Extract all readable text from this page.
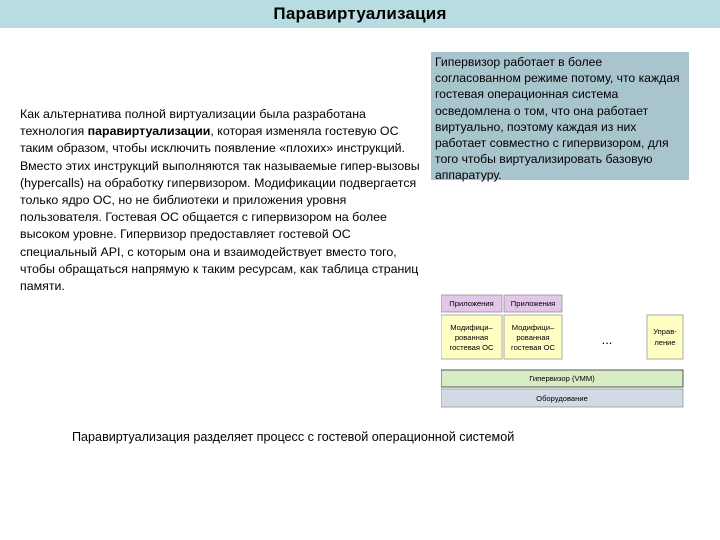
Паравиртуализация
Как альтернатива полной виртуализации была разработана технология паравиртуализации, которая изменяла гостевую ОС таким образом, чтобы исключить появление «плохих» инструкций. Вместо этих инструкций выполняются так называемые гипер-вызовы (hypercalls) на обработку гипервизором. Модификации подвергается только ядро ОС, но не библиотеки и приложения уровня пользователя. Гостевая ОС общается с гипервизором на более высоком уровне. Гипервизор предоставляет гостевой ОС специальный API, с которым она и взаимодействует вместо того, чтобы обращаться напрямую к таким ресурсам, как таблица страниц памяти.
Гипервизор работает в более согласованном режиме потому, что каждая гостевая операционная система осведомлена о том, что она работает виртуально, поэтому каждая из них работает совместно с гипервизором, для того чтобы виртуализировать базовую аппаратуру.
Приложения Приложения
Модифици–
рованная
гостевая ОС
Модифици–
рованная
гостевая ОС
...
Управ-
ление
Гипервизор (VMM)
Оборудование
Паравиртуализация разделяет процесс с гостевой операционной системой
